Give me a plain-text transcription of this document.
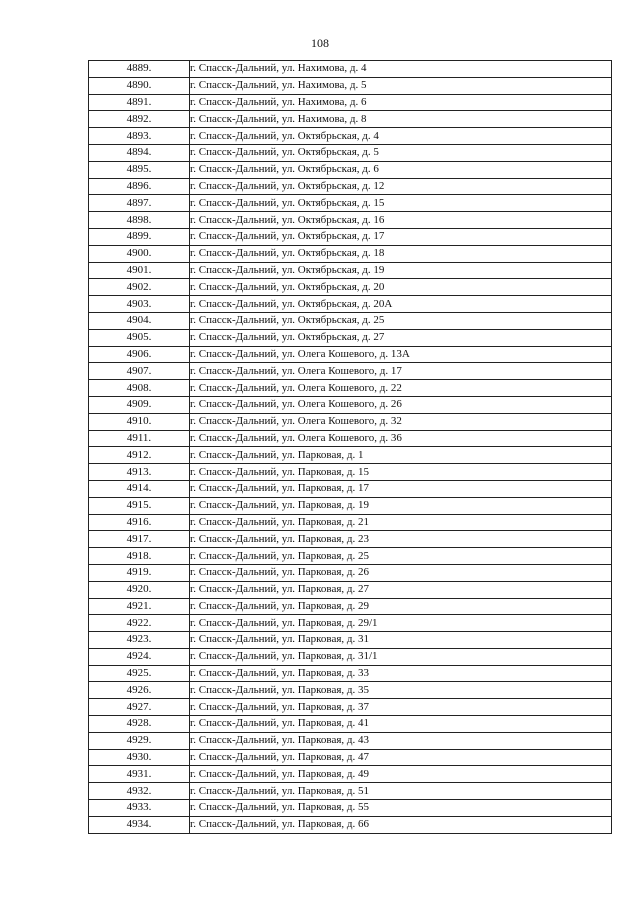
108
4889.	г. Спасск-Дальний, ул. Нахимова, д. 4
4890.	г. Спасск-Дальний, ул. Нахимова, д. 5
4891.	г. Спасск-Дальний, ул. Нахимова, д. 6
4892.	г. Спасск-Дальний, ул. Нахимова, д. 8
4893.	г. Спасск-Дальний, ул. Октябрьская, д. 4
4894.	г. Спасск-Дальний, ул. Октябрьская, д. 5
4895.	г. Спасск-Дальний, ул. Октябрьская, д. 6
4896.	г. Спасск-Дальний, ул. Октябрьская, д. 12
4897.	г. Спасск-Дальний, ул. Октябрьская, д. 15
4898.	г. Спасск-Дальний, ул. Октябрьская, д. 16
4899.	г. Спасск-Дальний, ул. Октябрьская, д. 17
4900.	г. Спасск-Дальний, ул. Октябрьская, д. 18
4901.	г. Спасск-Дальний, ул. Октябрьская, д. 19
4902.	г. Спасск-Дальний, ул. Октябрьская, д. 20
4903.	г. Спасск-Дальний, ул. Октябрьская, д. 20А
4904.	г. Спасск-Дальний, ул. Октябрьская, д. 25
4905.	г. Спасск-Дальний, ул. Октябрьская, д. 27
4906.	г. Спасск-Дальний, ул. Олега Кошевого, д. 13А
4907.	г. Спасск-Дальний, ул. Олега Кошевого, д. 17
4908.	г. Спасск-Дальний, ул. Олега Кошевого, д. 22
4909.	г. Спасск-Дальний, ул. Олега Кошевого, д. 26
4910.	г. Спасск-Дальний, ул. Олега Кошевого, д. 32
4911.	г. Спасск-Дальний, ул. Олега Кошевого, д. 36
4912.	г. Спасск-Дальний, ул. Парковая, д. 1
4913.	г. Спасск-Дальний, ул. Парковая, д. 15
4914.	г. Спасск-Дальний, ул. Парковая, д. 17
4915.	г. Спасск-Дальний, ул. Парковая, д. 19
4916.	г. Спасск-Дальний, ул. Парковая, д. 21
4917.	г. Спасск-Дальний, ул. Парковая, д. 23
4918.	г. Спасск-Дальний, ул. Парковая, д. 25
4919.	г. Спасск-Дальний, ул. Парковая, д. 26
4920.	г. Спасск-Дальний, ул. Парковая, д. 27
4921.	г. Спасск-Дальний, ул. Парковая, д. 29
4922.	г. Спасск-Дальний, ул. Парковая, д. 29/1
4923.	г. Спасск-Дальний, ул. Парковая, д. 31
4924.	г. Спасск-Дальний, ул. Парковая, д. 31/1
4925.	г. Спасск-Дальний, ул. Парковая, д. 33
4926.	г. Спасск-Дальний, ул. Парковая, д. 35
4927.	г. Спасск-Дальний, ул. Парковая, д. 37
4928.	г. Спасск-Дальний, ул. Парковая, д. 41
4929.	г. Спасск-Дальний, ул. Парковая, д. 43
4930.	г. Спасск-Дальний, ул. Парковая, д. 47
4931.	г. Спасск-Дальний, ул. Парковая, д. 49
4932.	г. Спасск-Дальний, ул. Парковая, д. 51
4933.	г. Спасск-Дальний, ул. Парковая, д. 55
4934.	г. Спасск-Дальний, ул. Парковая, д. 66
